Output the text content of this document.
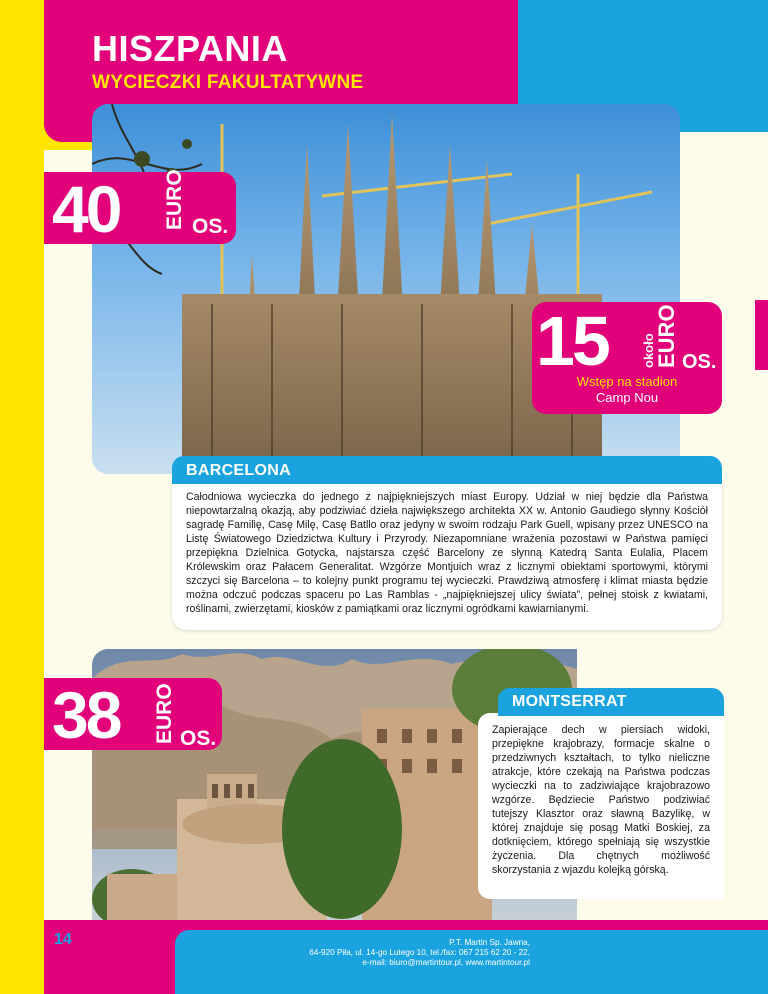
HISZPANIA
WYCIECZKI FAKULTATYWNE
40 EURO OS.
15	około
EURO OS.
Wstęp na stadion
Camp Nou
38 EURO OS.
BARCELONA

Całodniowa wycieczka do jednego z najpiękniejszych miast Europy. Udział w niej będzie dla Państwa niepowtarzalną okazją, aby podziwiać dzieła największego architekta XX w. Antonio Gaudiego słynny Kościół sagradę Familię, Casę Milę, Casę Batllo oraz jedyny w swoim rodzaju Park Guell, wpisany przez UNESCO na Listę Światowego Dziedzictwa Kultury i Przyrody. Niezapomniane wrażenia pozostawi w Państwa pamięci przepiękna Dzielnica Gotycka, najstarsza część Barcelony ze słynną Katedrą Santa Eulalia, Placem Królewskim oraz Pałacem Generalitat. Wzgórze Montjuich wraz z licznymi obiektami sportowymi, którymi szczyci się Barcelona – to kolejny punkt programu tej wycieczki. Prawdziwą atmosferę i klimat miasta będzie można odczuć podczas spaceru po Las Ramblas - „najpiękniejszej ulicy świata”, pełnej stoisk z kwiatami, roślinami, zwierzętami, kiosków z pamiątkami oraz licznymi ogródkami kawiarnianymi.

Zapierające dech w piersiach widoki, przepiękne krajobrazy, formacje skalne o przedziwnych kształtach, to tylko nieliczne atrakcje, które czekają na Państwa podczas wycieczki na to zadziwiające krajobrazowo wzgórze. Będziecie Państwo podziwiać tutejszy Klasztor oraz sławną Bazylikę, w której znajduje się posąg Matki Boskiej, za dotknięciem, którego spełniają się wszystkie życzenia. Dla chętnych możliwość skorzystania z wjazdu kolejką górską.

MONTSERRAT
14	P.T. Martin Sp. Jawna,
64-920 Piła, ul. 14-go Lutego 10, tel./fax: 067 215 62 20 - 22,
e-mail: biuro@martintour.pl, www.martintour.pl
